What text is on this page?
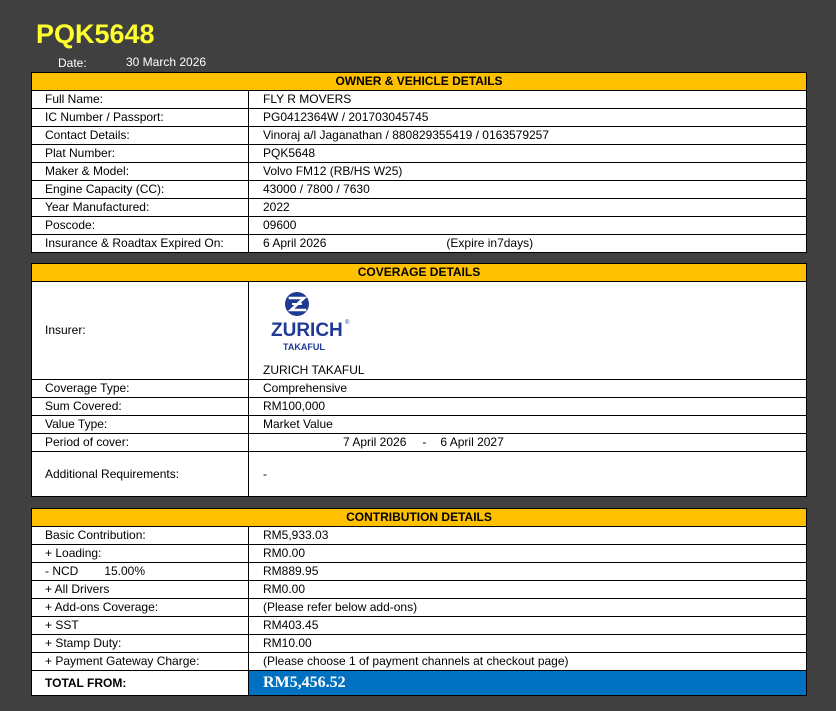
PQK5648
Date:	30 March 2026
OWNER & VEHICLE DETAILS
Full Name:	FLY R MOVERS
IC Number / Passport:	PG0412364W / 201703045745
Contact Details:	Vinoraj a/l Jaganathan / 880829355419 / 0163579257
Plat Number:	PQK5648
Maker & Model:	Volvo FM12 (RB/HS W25)
Engine Capacity (CC):	43000 / 7800 / 7630
Year Manufactured:	2022
Poscode:	09600
Insurance & Roadtax Expired On:	6 April 2026 (Expire in7days)
COVERAGE DETAILS
Insurer:	ZURICH ®
TAKAFUL
ZURICH TAKAFUL

Coverage Type:	Comprehensive
Sum Covered:	RM100,000
Value Type:	Market Value
Period of cover:	7 April 2026 - 6 April 2027
Additional Requirements:	-
CONTRIBUTION DETAILS
Basic Contribution:	RM5,933.03
+ Loading:	RM0.00
- NCD 15.00%	RM889.95
+ All Drivers	RM0.00
+ Add-ons Coverage:	(Please refer below add-ons)
+ SST	RM403.45
+ Stamp Duty:	RM10.00
+ Payment Gateway Charge:	(Please choose 1 of payment channels at checkout page)
TOTAL FROM:	RM5,456.52
